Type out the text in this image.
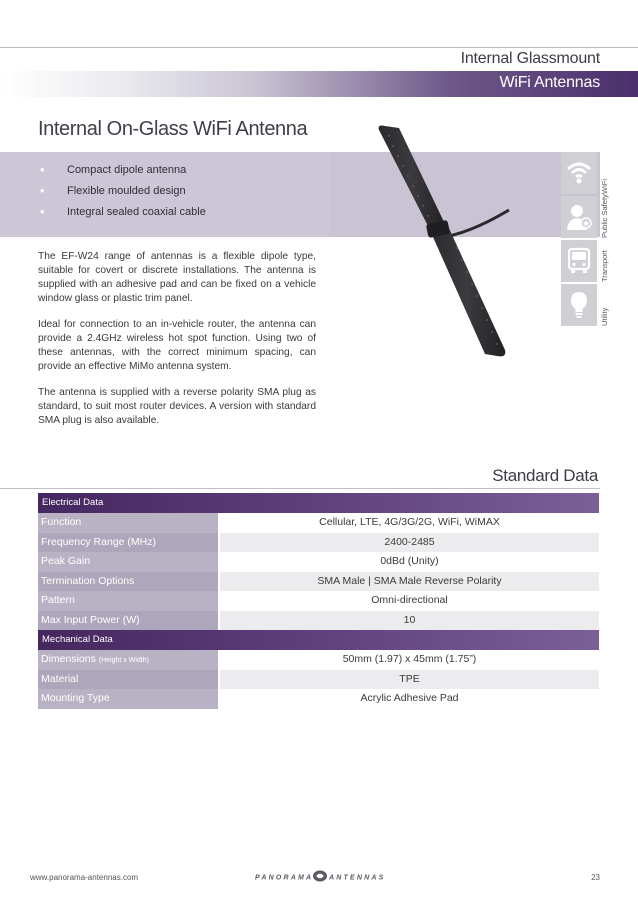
Internal Glassmount
WiFi Antennas
Internal On-Glass WiFi Antenna
•	Compact dipole antenna
•	Flexible moulded design
•	Integral sealed coaxial cable

The EF-W24 range of antennas is a flexible dipole type, suitable for covert or discrete installations. The antenna is supplied with an adhesive pad and can be fixed on a vehicle window glass or plastic trim panel.

Ideal for connection to an in-vehicle router, the antenna can provide a 2.4GHz wireless hot spot function. Using two of these antennas, with the correct minimum spacing, can provide an effective MiMo antenna system.

The antenna is supplied with a reverse polarity SMA plug as standard, to suit most router devices. A version with standard SMA plug is also available.

WiFi
Public Safety
Transport
Utility
Standard Data
Electrical Data
Function	Cellular, LTE, 4G/3G/2G, WiFi, WiMAX
Frequency Range (MHz)	2400-2485
Peak Gain	0dBd (Unity)
Termination Options	SMA Male | SMA Male Reverse Polarity
Pattern	Omni-directional
Max Input Power (W)	10
Mechanical Data
Dimensions (Height x Width)	50mm (1.97) x 45mm (1.75”)
Material	TPE
Mounting Type	Acrylic Adhesive Pad
www.panorama-antennas.com	PANORAMA ANTENNAS	23
